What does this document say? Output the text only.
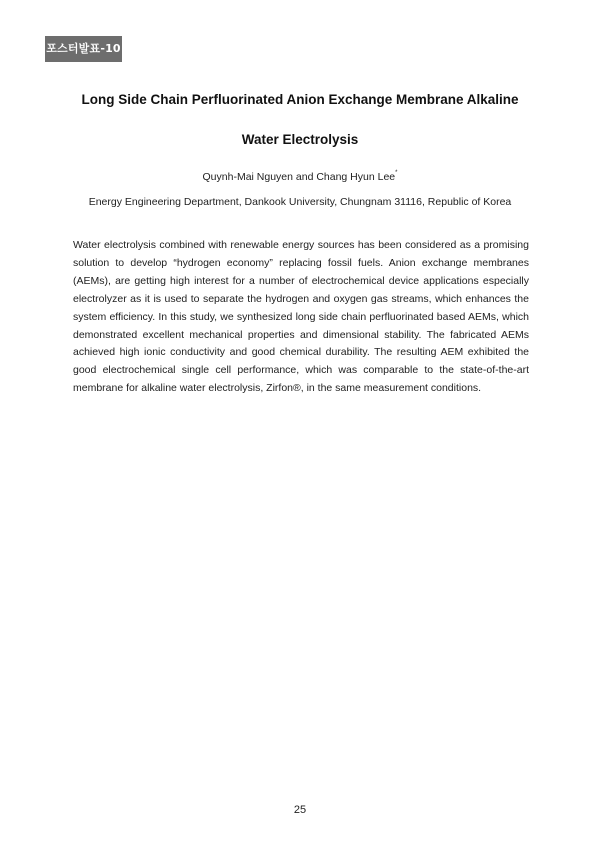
포스터발표-10
Long Side Chain Perfluorinated Anion Exchange Membrane Alkaline
Water Electrolysis
Quynh-Mai Nguyen and Chang Hyun Lee*
Energy Engineering Department, Dankook University, Chungnam 31116, Republic of Korea

Water electrolysis combined with renewable energy sources has been considered as a promising solution to develop “hydrogen economy” replacing fossil fuels. Anion exchange membranes (AEMs), are getting high interest for a number of electrochemical device applications especially electrolyzer as it is used to separate the hydrogen and oxygen gas streams, which enhances the system efficiency. In this study, we synthesized long side chain perfluorinated based AEMs, which demonstrated excellent mechanical properties and dimensional stability. The fabricated AEMs achieved high ionic conductivity and good chemical durability. The resulting AEM exhibited the good electrochemical single cell performance, which was comparable to the state-of-the-art membrane for alkaline water electrolysis, Zirfon®, in the same measurement conditions.

25
